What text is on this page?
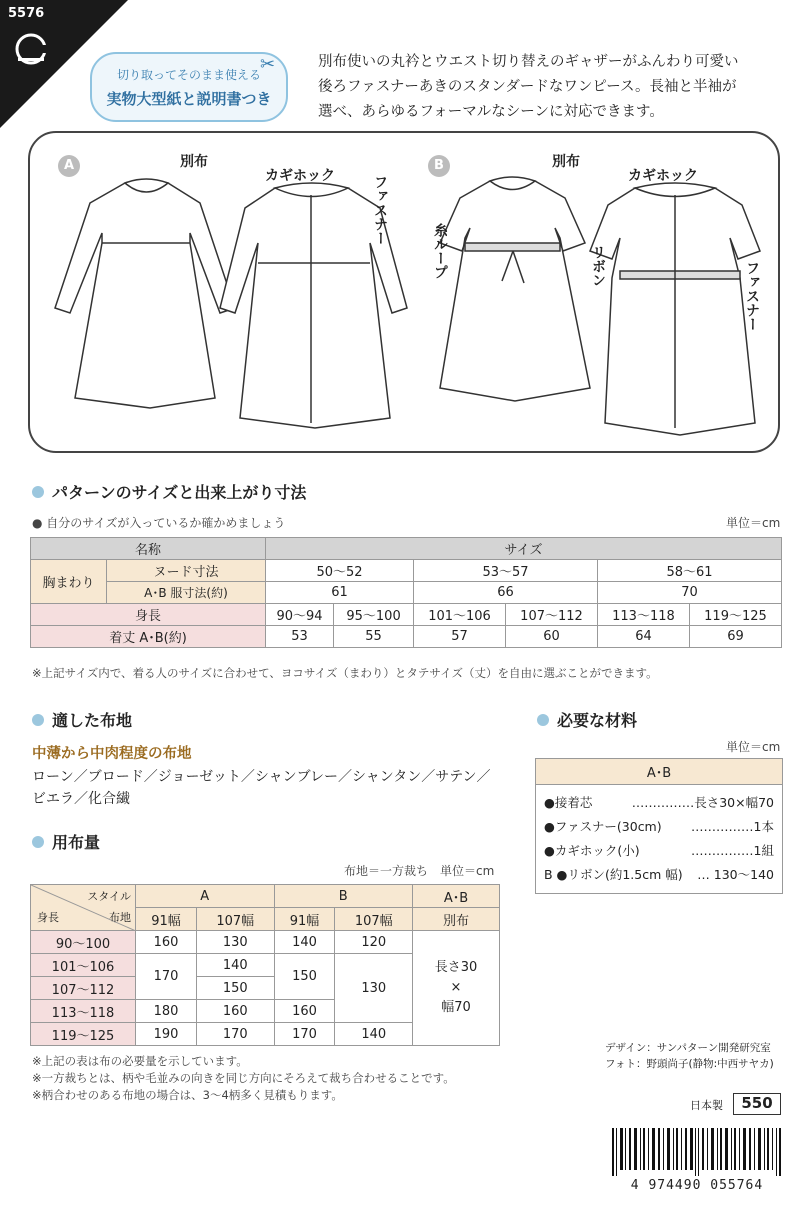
5576
切り取ってそのまま使える
実物大型紙と説明書つき
✂	別布使いの丸衿とウエスト切り替えのギャザーがふんわり可愛い
後ろファスナーあきのスタンダードなワンピース。長袖と半袖が
選べ、あらゆるフォーマルなシーンに対応できます。
A	B
別布
カギホック	ファスナー
別布
カギホック
糸ループ	リボン	ファスナー
パターンのサイズと出来上がり寸法
● 自分のサイズが入っているか確かめましょう	単位＝cm
名称		サイズ					
胸まわり	ヌード寸法	50〜52		53〜57		58〜61	
	A･B 服寸法(約)	61		66		70	
身長		90〜94	95〜100	101〜106	107〜112	113〜118	119〜125
着丈 A･B(約)		53	55	57	60	64	69
※上記サイズ内で、着る人のサイズに合わせて、ヨコサイズ（まわり）とタテサイズ（丈）を自由に選ぶことができます。
適した布地
中薄から中肉程度の布地
ローン／ブロード／ジョーゼット／シャンブレー／シャンタン／サテン／
ビエラ／化合繊
必要な材料
単位＝cm
A･B
●接着芯	……………長さ30×幅70
●ファスナー(30cm) ……………1本
●カギホック(小)	……………1組
B ●リボン(約1.5cm 幅) … 130〜140
用布量
布地＝一方裁ち　単位＝cm
スタイル
布地
身長	A		B		A･B
	91幅	107幅	91幅	107幅	別布
90〜100	160	130	140	120	長さ30
×
幅70

101〜106	170	140	150	130	
107〜112		150			
113〜118	180	160	160		
119〜125	190	170	170	140	
※上記の表は布の必要量を示しています。
※一方裁ちとは、柄や毛並みの向きを同じ方向にそろえて裁ち合わせることです。
※柄合わせのある布地の場合は、3〜4柄多く見積もります。
デザイン：サンパターン開発研究室
フォト：野頭尚子(静物:中西サヤカ)
日本製	550
4 974490 055764
